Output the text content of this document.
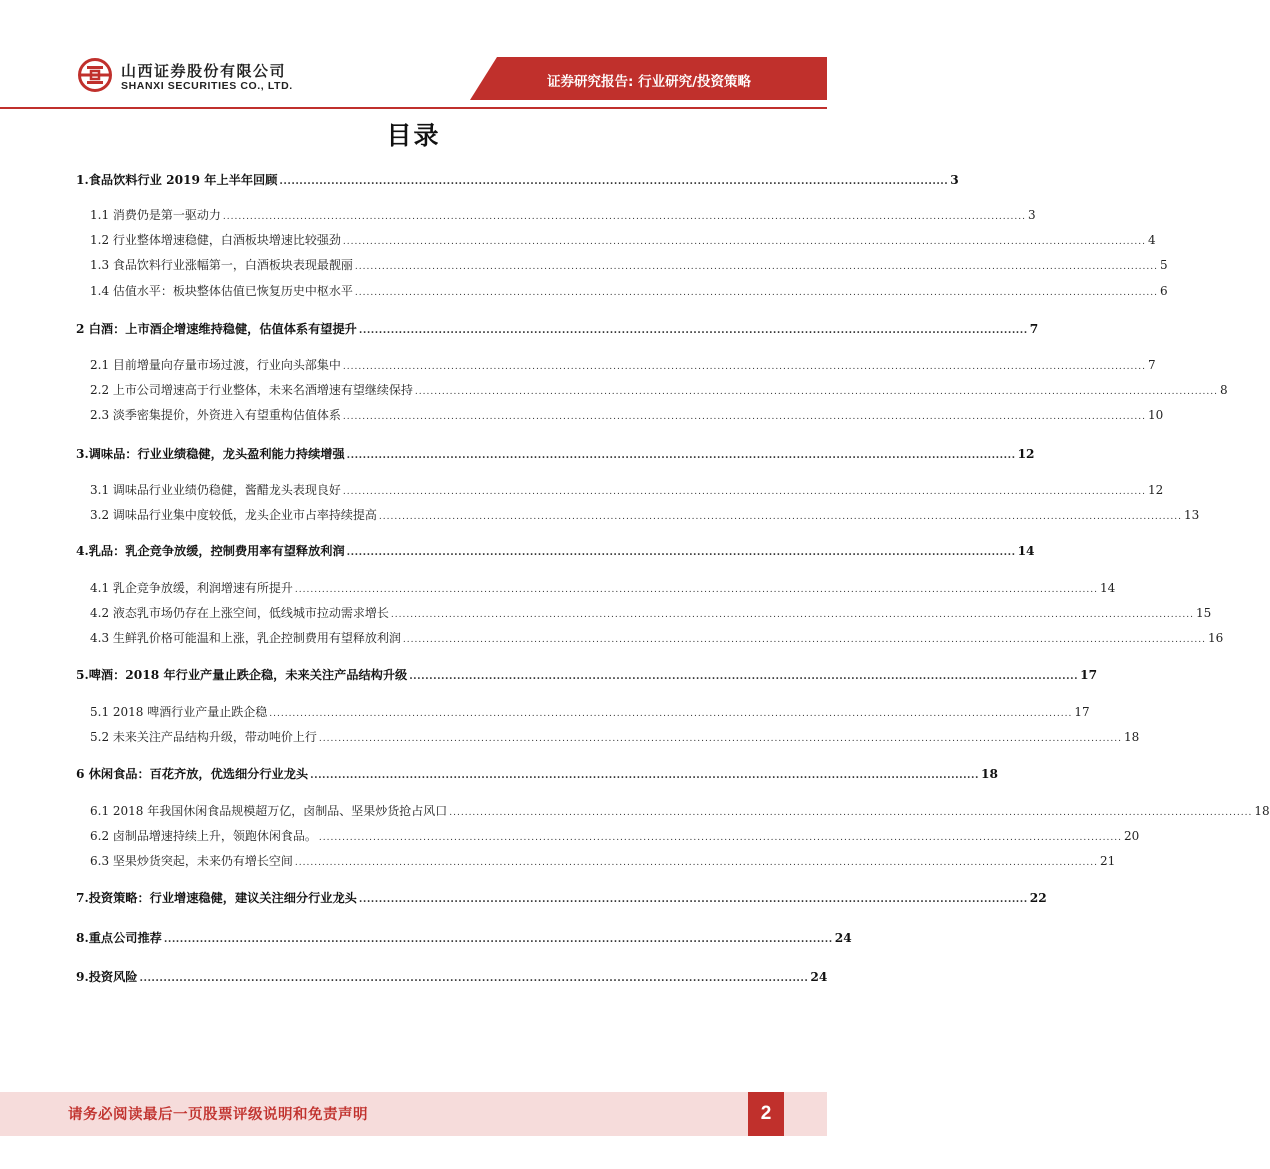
山西证券股份有限公司
SHANXI SECURITIES CO., LTD.	证券研究报告: 行业研究/投资策略
目录
1.食品饮料行业 2019 年上半年回顾 ........................................................................................................................................................................ 3
1.1 消费仍是第一驱动力 ................................................................................................................................................................................................................ 3
1.2 行业整体增速稳健，白酒板块增速比较强劲 ................................................................................................................................................................................................................ 4
1.3 食品饮料行业涨幅第一，白酒板块表现最靓丽 ................................................................................................................................................................................................................ 5
1.4 估值水平：板块整体估值已恢复历史中枢水平 ................................................................................................................................................................................................................ 6
2 白酒：上市酒企增速维持稳健，估值体系有望提升 ........................................................................................................................................................................ 7
2.1 目前增量向存量市场过渡，行业向头部集中 ................................................................................................................................................................................................................ 7
2.2 上市公司增速高于行业整体，未来名酒增速有望继续保持 ................................................................................................................................................................................................................ 8
2.3 淡季密集提价，外资进入有望重构估值体系 ................................................................................................................................................................................................................ 10
3.调味品：行业业绩稳健，龙头盈利能力持续增强 ........................................................................................................................................................................ 12
3.1 调味品行业业绩仍稳健，酱醋龙头表现良好 ................................................................................................................................................................................................................ 12
3.2 调味品行业集中度较低，龙头企业市占率持续提高 ................................................................................................................................................................................................................ 13
4.乳品：乳企竞争放缓，控制费用率有望释放利润 ........................................................................................................................................................................ 14
4.1 乳企竞争放缓，利润增速有所提升 ................................................................................................................................................................................................................ 14
4.2 液态乳市场仍存在上涨空间，低线城市拉动需求增长 ................................................................................................................................................................................................................ 15
4.3 生鲜乳价格可能温和上涨，乳企控制费用有望释放利润 ................................................................................................................................................................................................................ 16
5.啤酒：2018 年行业产量止跌企稳，未来关注产品结构升级 ........................................................................................................................................................................ 17
5.1 2018 啤酒行业产量止跌企稳 ................................................................................................................................................................................................................ 17
5.2 未来关注产品结构升级，带动吨价上行 ................................................................................................................................................................................................................ 18
6 休闲食品：百花齐放，优选细分行业龙头 ........................................................................................................................................................................ 18
6.1 2018 年我国休闲食品规模超万亿，卤制品、坚果炒货抢占风口 ................................................................................................................................................................................................................ 18
6.2 卤制品增速持续上升，领跑休闲食品。 ................................................................................................................................................................................................................ 20
6.3 坚果炒货突起，未来仍有增长空间 ................................................................................................................................................................................................................ 21
7.投资策略：行业增速稳健，建议关注细分行业龙头 ........................................................................................................................................................................ 22
8.重点公司推荐 ........................................................................................................................................................................ 24
9.投资风险 ........................................................................................................................................................................ 24
请务必阅读最后一页股票评级说明和免责声明	2
